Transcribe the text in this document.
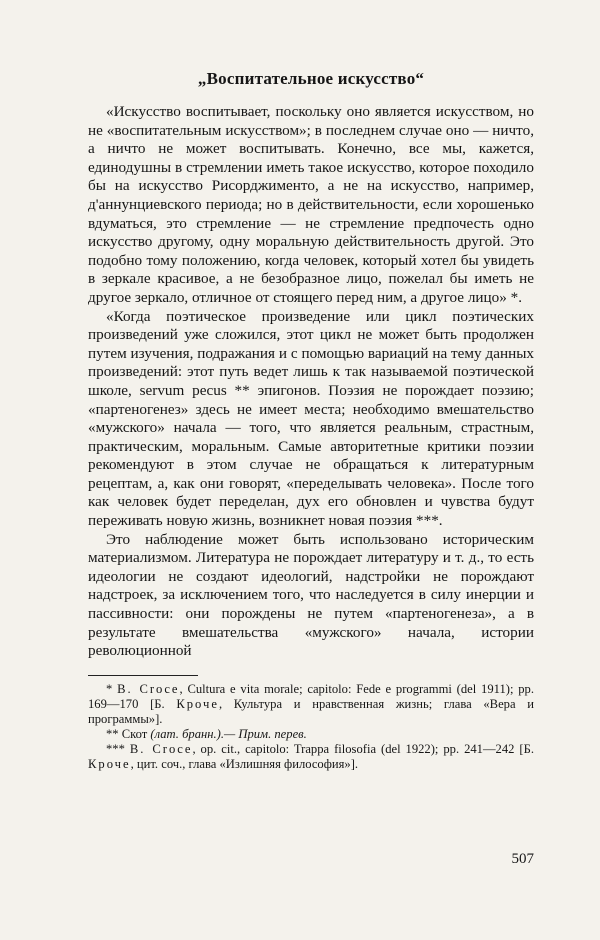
„Воспитательное искусство“

«Искусство воспитывает, поскольку оно является искусством, но не «воспитательным искусством»; в последнем случае оно — ничто, а ничто не может воспитывать. Конечно, все мы, кажется, единодушны в стремлении иметь такое искусство, которое походило бы на искусство Рисорджименто, а не на искусство, например, д'аннунциевского периода; но в действительности, если хорошенько вдуматься, это стремление — не стремление предпочесть одно искусство другому, одну моральную действительность другой. Это подобно тому положению, когда человек, который хотел бы увидеть в зеркале красивое, а не безобразное лицо, пожелал бы иметь не другое зеркало, отличное от стоящего перед ним, а другое лицо» *.

«Когда поэтическое произведение или цикл поэтических произведений уже сложился, этот цикл не может быть продолжен путем изучения, подражания и с помощью вариаций на тему данных произведений: этот путь ведет лишь к так называемой поэтической школе, servum pecus ** эпигонов. Поэзия не порождает поэзию; «партеногенез» здесь не имеет места; необходимо вмешательство «мужского» начала — того, что является реальным, страстным, практическим, моральным. Самые авторитетные критики поэзии рекомендуют в этом случае не обращаться к литературным рецептам, а, как они говорят, «переделывать человека». После того как человек будет переделан, дух его обновлен и чувства будут переживать новую жизнь, возникнет новая поэзия ***.

Это наблюдение может быть использовано историческим материализмом. Литература не порождает литературу и т. д., то есть идеологии не создают идеологий, надстройки не порождают надстроек, за исключением того, что наследуется в силу инерции и пассивности: они порождены не путем «партеногенеза», а в результате вмешательства «мужского» начала, истории революционной

* B. Croce, Cultura e vita morale; capitolo: Fede e programmi (del 1911); pp. 169—170 [Б. Кроче, Культура и нравственная жизнь; глава «Вера и программы»].

** Скот (лат. бранн.).— Прим. перев.

*** B. Croce, op. cit., capitolo: Trappa filosofia (del 1922); pp. 241—242 [Б. Кроче, цит. соч., глава «Излишняя философия»].

507
